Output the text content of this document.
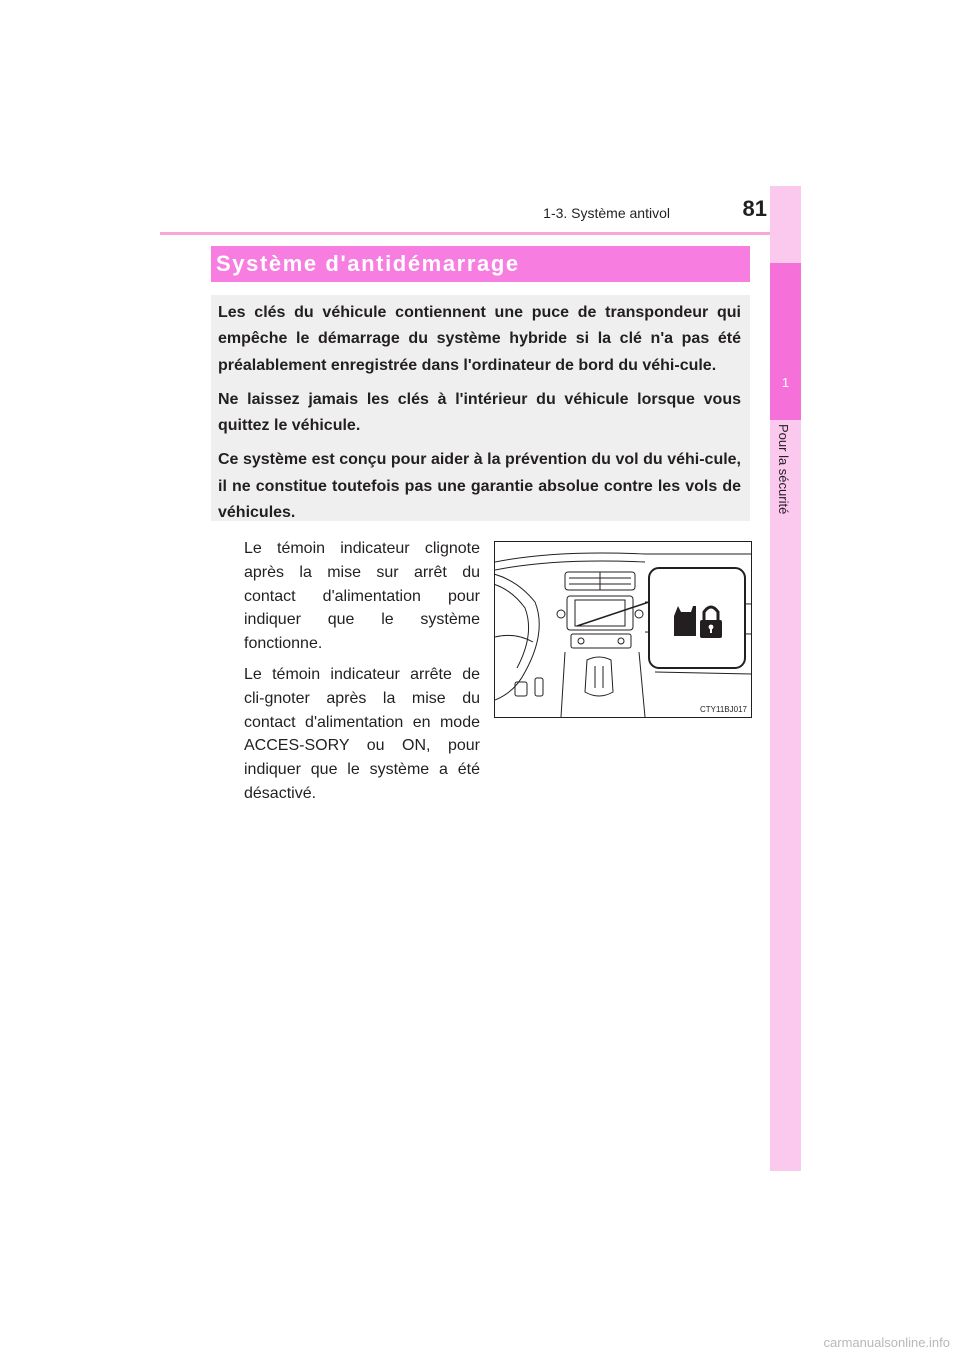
81
1-3. Système antivol
1
Pour la sécurité
Système d'antidémarrage

Les clés du véhicule contiennent une puce de transpondeur qui empêche le démarrage du système hybride si la clé n'a pas été préalablement enregistrée dans l'ordinateur de bord du véhi-cule.

Ne laissez jamais les clés à l'intérieur du véhicule lorsque vous quittez le véhicule.

Ce système est conçu pour aider à la prévention du vol du véhi-cule, il ne constitue toutefois pas une garantie absolue contre les vols de véhicules.

Le témoin indicateur clignote après la mise sur arrêt du contact d'alimentation pour indiquer que le système fonctionne.

Le témoin indicateur arrête de cli-gnoter après la mise du contact d'alimentation en mode ACCES-SORY ou ON, pour indiquer que le système a été désactivé.

CTY11BJ017
carmanualsonline.info
